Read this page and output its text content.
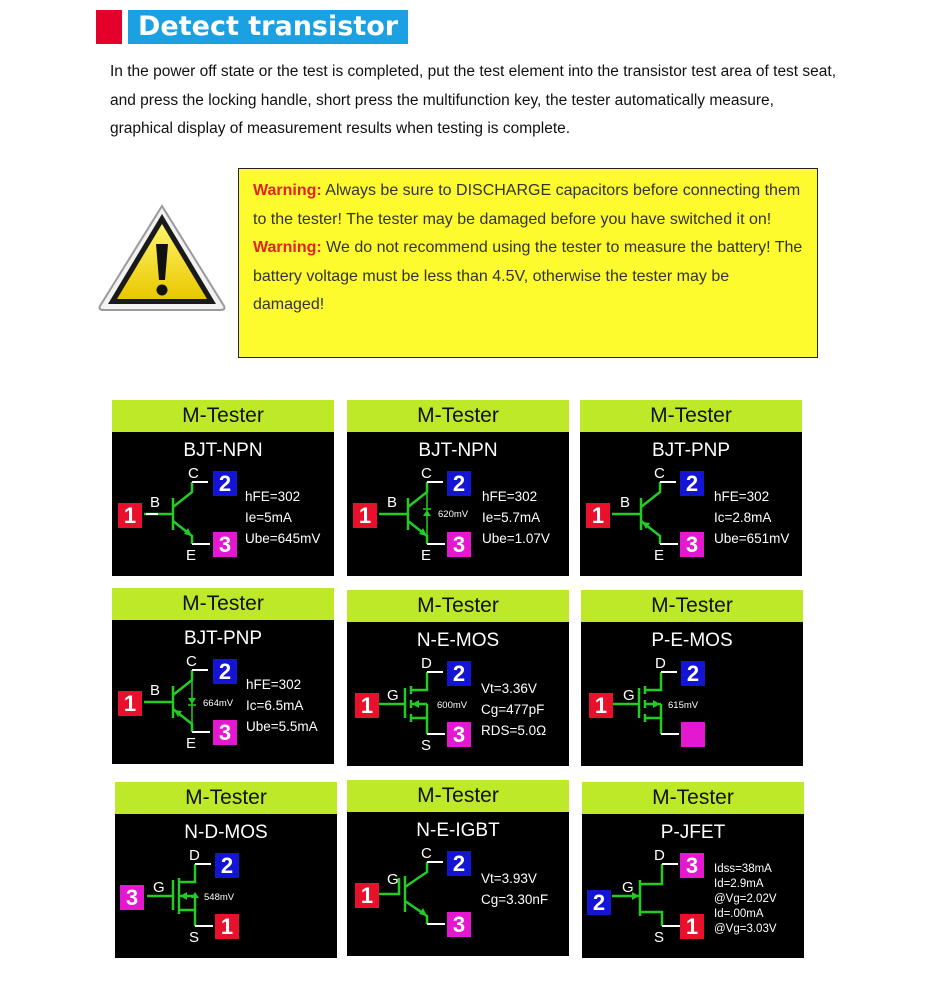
Detect transistor

In the power off state or the test is completed, put the test element into the transistor test area of test seat, and press the locking handle, short press the multifunction key, the tester automatically measure, graphical display of measurement results when testing is complete.

Warning: Always be sure to DISCHARGE capacitors before connecting them to the tester! The tester may be damaged before you have switched it on!

Warning: We do not recommend using the tester to measure the battery! The battery voltage must be less than 4.5V, otherwise the tester may be damaged!

M-Tester
BJT-NPN
1
2
3
B
C
E
hFE=302
Ie=5mA
Ube=645mV
M-Tester
BJT-NPN
1
2
3
B
C
E
620mV
hFE=302
Ie=5.7mA
Ube=1.07V
M-Tester
BJT-PNP
1
2
3
B
C
E
hFE=302
Ic=2.8mA
Ube=651mV
M-Tester
BJT-PNP
1
2
3
B
C
E
664mV
hFE=302
Ic=6.5mA
Ube=5.5mA
M-Tester
N-E-MOS
1
2
3
G
D
S
600mV
Vt=3.36V
Cg=477pF
RDS=5.0Ω
M-Tester
P-E-MOS
1
2
G
D
615mV
M-Tester
N-D-MOS
3
2
1
G
D
S
548mV
M-Tester
N-E-IGBT
1
2
3
G
C
Vt=3.93V
Cg=3.30nF
M-Tester
P-JFET
2
3
1
G
D
S
Idss=38mA
Id=2.9mA
@Vg=2.02V
Id=.00mA
@Vg=3.03V
